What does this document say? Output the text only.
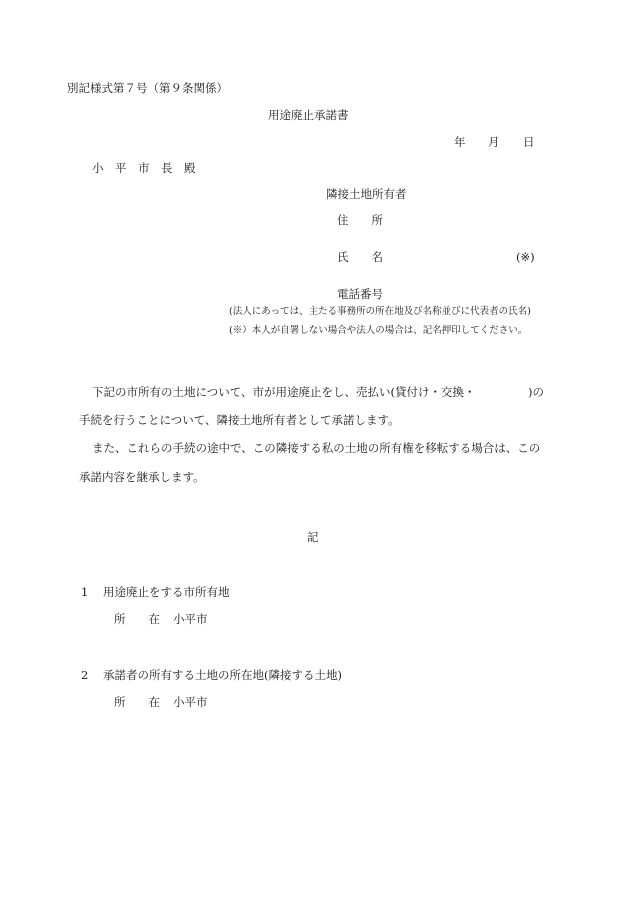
別記様式第７号（第９条関係）
用途廃止承諾書
年 月 日
小　平　市　長　殿
隣接土地所有者
住　　所
氏　　名	(※)
電話番号
(法人にあっては、主たる事務所の所在地及び名称並びに代表者の氏名)
(※）本人が自署しない場合や法人の場合は、記名押印してください。
下記の市所有の土地について、市が用途廃止をし、売払い(貸付け・交換・	)の
手続を行うことについて、隣接土地所有者として承諾します。
また、これらの手続の途中で、この隣接する私の土地の所有権を移転する場合は、この
承諾内容を継承します。
記
1 用途廃止をする市所有地
所　　在 小平市
2 承諾者の所有する土地の所在地(隣接する土地)
所　　在 小平市
